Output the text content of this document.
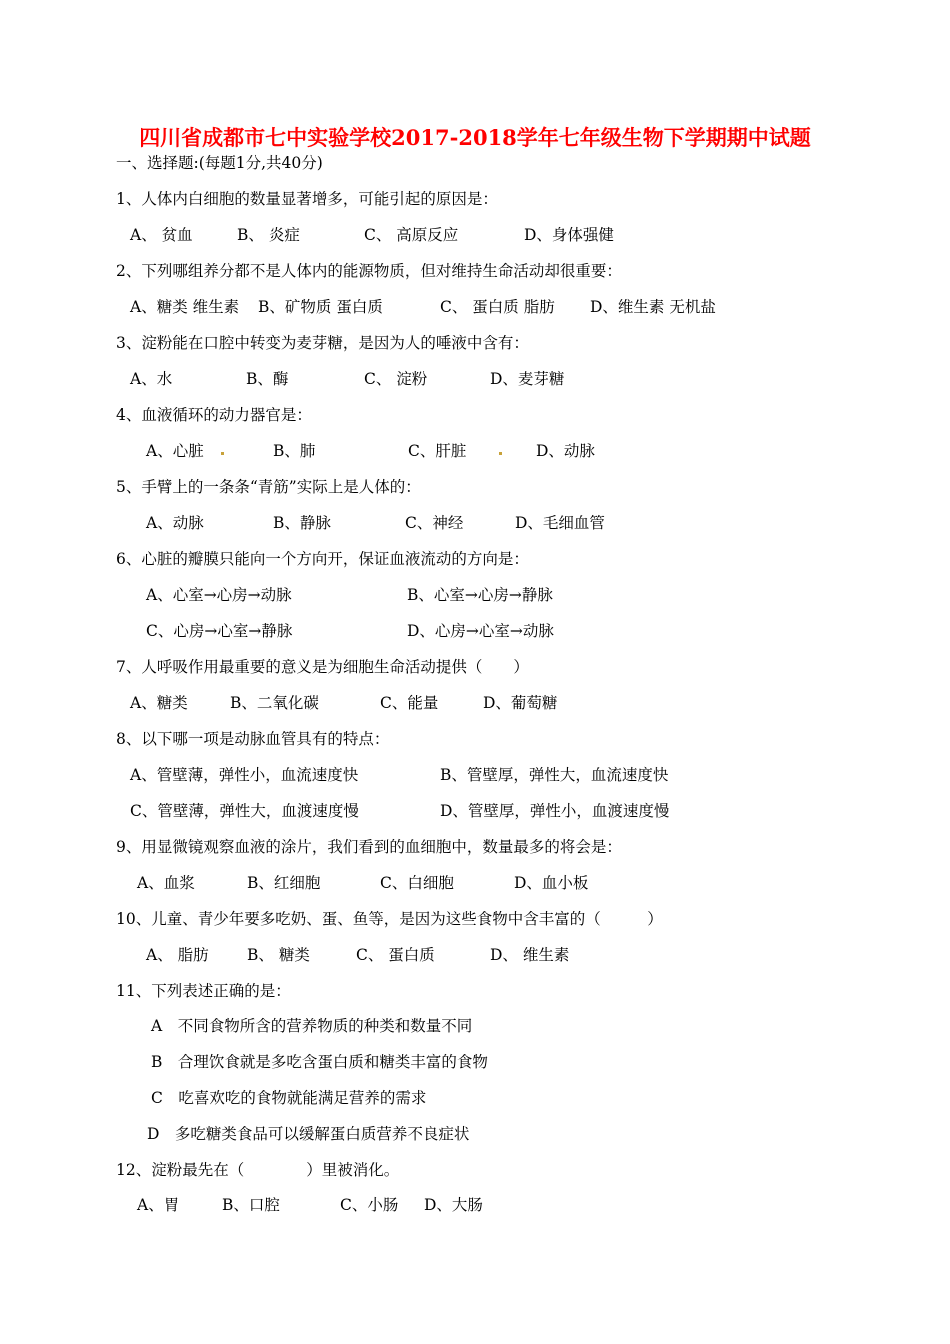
四川省成都市七中实验学校2017-2018学年七年级生物下学期期中试题
一、选择题:(每题1分,共40分)
1、人体内白细胞的数量显著增多，可能引起的原因是：
A、 贫血	B、 炎症	C、 高原反应	D、身体强健
2、下列哪组养分都不是人体内的能源物质，但对维持生命活动却很重要：
A、糖类 维生素 B、矿物质 蛋白质	C、 蛋白质 脂肪 D、维生素 无机盐
3、淀粉能在口腔中转变为麦芽糖，是因为人的唾液中含有：
A、水	B、酶	C、 淀粉	D、麦芽糖
4、血液循环的动力器官是：
A、心脏	B、肺	C、肝脏	D、动脉
5、手臂上的一条条“青筋”实际上是人体的：
A、动脉	B、静脉	C、神经	D、毛细血管
6、心脏的瓣膜只能向一个方向开，保证血液流动的方向是：
A、心室→心房→动脉	B、心室→心房→静脉
C、心房→心室→静脉	D、心房→心室→动脉
7、人呼吸作用最重要的意义是为细胞生命活动提供（　　）
A、糖类	B、二氧化碳	C、能量	D、葡萄糖
8、以下哪一项是动脉血管具有的特点：
A、管壁薄，弹性小，血流速度快	B、管壁厚，弹性大，血流速度快
C、管壁薄，弹性大，血渡速度慢	D、管壁厚，弹性小，血渡速度慢
9、用显微镜观察血液的涂片，我们看到的血细胞中，数量最多的将会是：
A、血浆	B、红细胞	C、白细胞	D、血小板
10、儿童、青少年要多吃奶、蛋、鱼等，是因为这些食物中含丰富的（　　　）
A、 脂肪 B、 糖类	C、 蛋白质	D、 维生素
11、下列表述正确的是：
A　不同食物所含的营养物质的种类和数量不同
B　合理饮食就是多吃含蛋白质和糖类丰富的食物
C　吃喜欢吃的食物就能满足营养的需求
D　多吃糖类食品可以缓解蛋白质营养不良症状
12、淀粉最先在（　　　　）里被消化。
A、胃	B、口腔	C、小肠 D、大肠
